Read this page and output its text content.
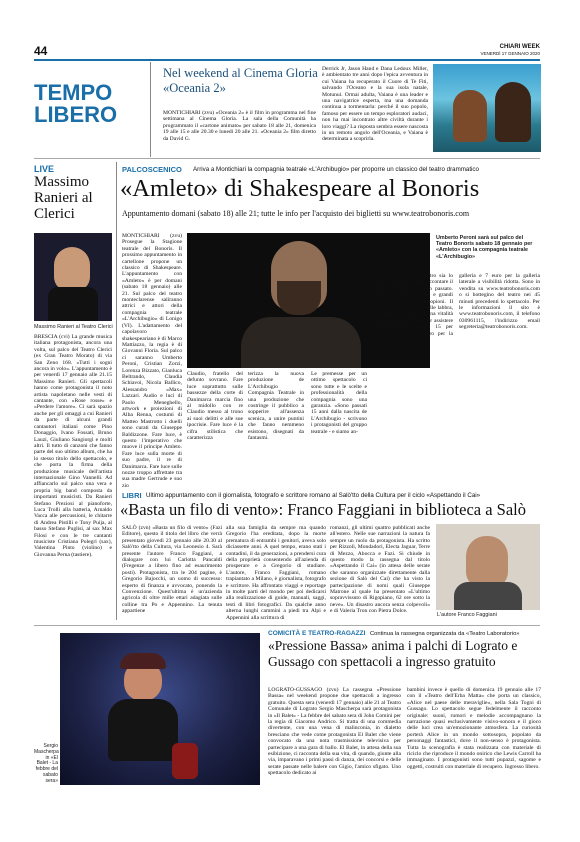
44	CHIARI WEEK
VENERDÌ 17 GENNAIO 2020
TEMPO
LIBERO
Nel weekend al Cinema Gloria «Oceania 2»
MONTICHIARI (zvu) «Oceania 2» è il film in programma nel fine settimana al Cinema Gloria. La sala della Comunità ha programmato il «cartone animato» per sabato 18 alle 21, domenica 19 alle 15 e alle 20.30 e lunedì 20 alle 21. «Oceania 2» film diretto da David G.
Derrick Jr, Jason Hand e Dana Ledoux Miller, è ambientato tre anni dopo l'epica avventura in cui Vaiana ha recuperato il Cuore di Te Fiti, salvando l'Oceano e la sua isola natale, Motunui. Ormai adulta, Vaiana è una leader e una navigatrice esperta, ma una domanda continua a tormentarla: perché il suo popolo, famoso per essere un tempo esploratori audaci, non ha mai incontrato altre civiltà durante i loro viaggi? La risposta sembra essere nascosta in un remoto angolo dell'Oceania, e Vaiana è determinata a scoprirla.
LIVE
Massimo Ranieri al Clerici
Massimo Ranieri al Teatro Clerici
BRESCIA (cvi) La grande musica italiana protagonista, ancora una volta, sul palco del Teatro Clerici (ex Gran Teatro Morato) di via San Zeno 168. «Tutti i sogni ancora in volo». L'appuntamento è per venerdì 17 gennaio alle 21.15 Massimo Ranieri. Gli spettacoli hanno come protagonista il noto artista napoletano nelle vesti di cantante, con «Rose rosse» e «Perdere l'amore». Ci sarà spazio anche per gli omaggi a cui Ranieri da parte di alcuni grandi cantautori italiani come Pino Donaggio, Ivano Fossati, Bruno Lauzi, Giuliano Sangiorgi e molti altri. Il tutto di canzoni che fanno parte del suo ultimo album, che ha lo stesso titolo dello spettacolo, e che porta la firma della produzione musicale dell'artista internazionale Gino Vannelli. Ad affiancarlo sul palco una vera e propria big band composta da importanti musicisti. Da Ranieri Stefano Preziosi al pianoforte, Luca Trolli alla batteria, Arnaldo Vacca alle percussioni, le chitarre di Andrea Pistilli e Tony Puija, al basso Stefano Puglisi, al sax Max Filosi e con le tre cantanti musiciste Cristiana Polegri (sax), Valentina Pinto (violino) e Giovanna Perna (tastiere).
PALCOSCENICO Arriva a Montichiari la compagnia teatrale «L'Archibugio» per proporre un classico del teatro drammatico
«Amleto» di Shakespeare al Bonoris
Appuntamento domani (sabato 18) alle 21; tutte le info per l'acquisto dei biglietti su www.teatrobonoris.com
MONTICHIARI (zvu) Prosegue la Stagione teatrale del Bonoris. Il prossimo appuntamento in cartellone propone un classico di Shakespeare. L'appuntamento con «Amleto» è per domani (sabato 18 gennaio) alle 21. Sul palco del teatro monteclarense saliranno attrici e attori della compagnia teatrale «L'Archibugio» di Lonigo (VI). L'adattamento del capolavoro shakespeariano è di Marco Mattiazzo, la regia è di Giovanni Floria. Sul palco ci saranno Umberto Peroni, Cristian Zorzi, Lorenza Bizzato, Gianluca Beltrando, Claudia Schiavoi, Nicola Ballico, Alessandro «Max» Lazzari. Audio e luci di Paolo Meneghello, artwork e proiezioni di Alba Renna, costumi di Matteo Mastrotto i duelli sono curati da Giuseppe Baldizzone. Fare luce, è questo l'imperativo che muove il principe Amleto. Fare luce sulla morte di suo padre, il re di Danimarca. Fare luce sulle nozze troppo affrettate tra sua madre Gertrude e suo zio
Claudio, fratello del defunto sovrano. Fare luce soprattutto sulle bassezze della corte di Danimarca marcia fino al midollo con re Claudio messo al trono ai suoi delitti e alle sue ipocrisie. Fare luce è la cifra stilistica che caratterizza
terizza la nuova produzione de L'Archibugio Compagnia Teatrale in una produzione che costringe il pubblico a sopperire all'assenza scenica, a unire puntini che fanno nemmeno esistono, disegnati da fantasmi.
Le premesse per un ottimo spettacolo ci sono tutte e le scelte e professionalità della compagnia sono una garanzia. «Sono passati 15 anni dalla nascita de L'Archibugio - scrivono i protagonisti del gruppo teatrale - e siamo an-
Umberto Peroni sarà sul palco del Teatro Bonoris sabato 18 gennaio per «Amleto» con la compagnia teatrale «L'Archibugio»
cora convinti che il teatro sia lo strumento migliore per raccontare il nostro territorio e il suo passato. Avidi le carte d'archivio e grandi classici sono i nostri copioni. Il sogliamo con il nostro sulle labbra, portandoli in scena con una vitalità contagiosa». I biglietti per assistere allo spettacolo costano 15 per platea e palchi, 10 euro per la galleria e 7 euro per la galleria laterale a visibilità ridotta. Sono in vendita su www.teatrobonoris.com o si bottegino del teatro nei 45 minuti precedenti lo spettacolo. Per le informazioni il sito è www.teatrobonoris.com, il telefono 030961115, l'indirizzo email segreteria@teatrobonoris.com.
LIBRI Ultimo appuntamento con il giornalista, fotografo e scrittore romano al Salò'tto della Cultura per il ciclo «Aspettando il Cai»
«Basta un filo di vento»: Franco Faggiani in biblioteca a Salò
SALÒ (zvn) «Basta un filo di vento» (Fazi Editore), questo il titolo del libro che verrà presentato giovedì 23 gennaio alle 20.30 al Salò'tto della Cultura, via Leonesio 4. Sarà presente l'autore Franco Faggiani, a dialogare con lui Carlotta Pancaldi (Fregenze a libero fino ad esaurimento posti). Protagonista, tra le 204 pagine, è Gregorio Bajocchi, un uomo di successo: esperto di finanza e avvocato, ponendo la Convenzione. Quest'ultima è un'azienda agricola di oltre mille ettari adagiata sulle colline tra Po e Appennino. La tenuta appartiene
alla sua famiglia da sempre ma quando Gregorio l'ha ereditata, dopo la morte prematura di entrambi i genitori, aveva solo diciassette anni. A quel tempo, erano stati i contadini, il da generazioni, a prendersi cura della proprietà consentendo all'azienda di prosperare e a Gregorio di studiare. L'autore, Franco Faggiani, romano trapiantato a Milano, è giornalista, fotografo e scrittore. Ha affrontato viaggi e reportage in molte parti del mondo per poi dedicarsi alla realizzazione di guide, manuali, saggi, testi di libri fotografici. Da qualche anno alterna lunghi cammini a piedi tra Alpi e Appennini alla scrittura di
romanzi, gli ultimi quattro pubblicati anche all'estero. Nelle sue narrazioni la natura fa sempre un ruolo da protagonista. Ha scritto per Rizzoli, Mondadori, Electa Jaguar, Terre di Mezzo, Abocca e Fazi. Si chiude in questo modo la rassegna dal titolo «Aspettando il Cai» (in attesa delle serate che saranno organizzate direttamente dalla sezione di Salò del Cai) che ha visto la partecipazione di nomi quali Giuseppe Matrone al quale ha presentato «L'ultimo sopravvissuto di Rigopiano, 62 ore sotto la neve». Un disastro ancora senza colpevoli» e di Valeria Tron con Pietra Dolce.
L'autore Franco Faggiani
Sergio Mascherpa in «El Balet - La febbre del sabato sera»
COMICITÀ E TEATRO-RAGAZZI Continua la rassegna organizzata da «Teatro Laboratorio»
«Pressione Bassa» anima i palchi di Lograto e Gussago con spettacoli a ingresso gratuito
LOGRATO-GUSSAGO (zvu) La rassegna «Pressione Bassa» nel weekend propone due spettacoli a ingresso gratuito. Questa sera (venerdì 17 gennaio) alle 21 al Teatro Comunale di Lograto Sergio Mascherpa sarà protagonista in «Il Balet» - La febbre del sabato sera di John Comini per la regia di Giacomo Andrico. Si tratta di una commedia divertente, con una vena di malinconia, in dialetto bresciano che vede come protagonista El Balet che viene convocato da una nota trasmissione televisiva per partecipare a una gara di ballo. El Balet, in attesa della sua esibizione, ci racconta della sua vita, di quando, giunte alla via, imparavano i primi passi di danza, dei concorsi e delle serate passate nelle balere con Gigio, l'amico sfigato. Uno spettacolo dedicato ai
bambini invece è quello di domenica 19 gennaio alle 17 con il «Teatro dell'Erba Matta» che porta un classico, «Alice nel paese delle meraviglie», nella Sala Togni di Gussago. Lo spettacolo segue fedelmente il racconto originale: suoni, rumori e melodie accompagnano la narrazione quasi esclusivamente visivo-sonora e il gioco delle luci crea un'emozionante atmosfera. La curiosità porterà Alice in un mondo sottosopra, popolato da personaggi fantastici, dove il non-senso è protagonista. Tutta la scenografia è stata realizzata con materiale di riciclo che riproduce il mondo onirico che Lewis Carroll ha immaginato. I protagonisti sono tutti pupazzi, sagome e oggetti, costruiti con materiale di recupero. Ingresso libero.
